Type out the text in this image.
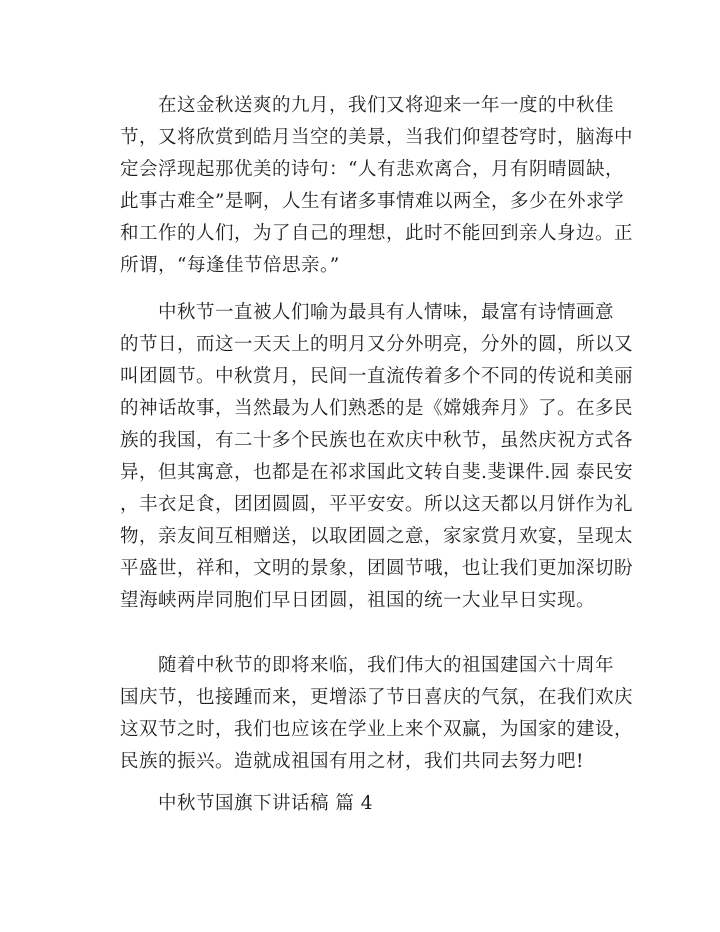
　　在这金秋送爽的九月，我们又将迎来一年一度的中秋佳

节，又将欣赏到皓月当空的美景，当我们仰望苍穹时，脑海中

定会浮现起那优美的诗句：“人有悲欢离合，月有阴晴圆缺，

此事古难全”是啊，人生有诸多事情难以两全，多少在外求学

和工作的人们，为了自己的理想，此时不能回到亲人身边。正

所谓，“每逢佳节倍思亲。”

　　中秋节一直被人们喻为最具有人情味，最富有诗情画意

的节日，而这一天天上的明月又分外明亮，分外的圆，所以又

叫团圆节。中秋赏月，民间一直流传着多个不同的传说和美丽

的神话故事，当然最为人们熟悉的是《嫦娥奔月》了。在多民

族的我国，有二十多个民族也在欢庆中秋节，虽然庆祝方式各

异，但其寓意，也都是在祁求国此文转自斐.斐课件.园 泰民安

，丰衣足食，团团圆圆，平平安安。所以这天都以月饼作为礼

物，亲友间互相赠送，以取团圆之意，家家赏月欢宴，呈现太

平盛世，祥和，文明的景象，团圆节哦，也让我们更加深切盼

望海峡两岸同胞们早日团圆，祖国的统一大业早日实现。

　　随着中秋节的即将来临，我们伟大的祖国建国六十周年

国庆节，也接踵而来，更增添了节日喜庆的气氛，在我们欢庆

这双节之时，我们也应该在学业上来个双赢，为国家的建设，

民族的振兴。造就成祖国有用之材，我们共同去努力吧!

　　中秋节国旗下讲话稿 篇 4
